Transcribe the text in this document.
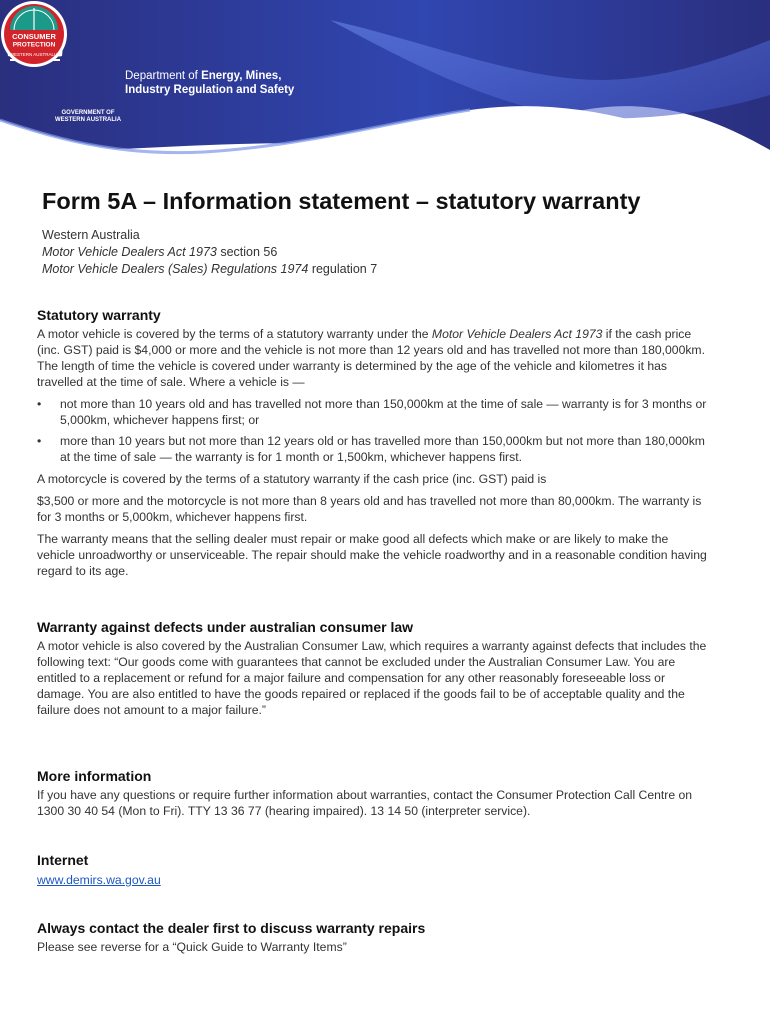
GOVERNMENT OF
WESTERN AUSTRALIA
Department of Energy, Mines,
Industry Regulation and Safety
CONSUMER
PROTECTION
WESTERN AUSTRALIA
Form 5A – Information statement – statutory warranty
Western Australia
Motor Vehicle Dealers Act 1973 section 56
Motor Vehicle Dealers (Sales) Regulations 1974 regulation 7
Statutory warranty

A motor vehicle is covered by the terms of a statutory warranty under the Motor Vehicle Dealers Act 1973 if the cash price (inc. GST) paid is $4,000 or more and the vehicle is not more than 12 years old and has travelled not more than 180,000km. The length of time the vehicle is covered under warranty is determined by the age of the vehicle and kilometres it has travelled at the time of sale. Where a vehicle is —

• not more than 10 years old and has travelled not more than 150,000km at the time of sale — warranty is for 3 months or 5,000km, whichever happens first; or
• more than 10 years but not more than 12 years old or has travelled more than 150,000km but not more than 180,000km at the time of sale — the warranty is for 1 month or 1,500km, whichever happens first.

A motorcycle is covered by the terms of a statutory warranty if the cash price (inc. GST) paid is

$3,500 or more and the motorcycle is not more than 8 years old and has travelled not more than 80,000km. The warranty is for 3 months or 5,000km, whichever happens first.

The warranty means that the selling dealer must repair or make good all defects which make or are likely to make the vehicle unroadworthy or unserviceable. The repair should make the vehicle roadworthy and in a reasonable condition having regard to its age.

Warranty against defects under australian consumer law

A motor vehicle is also covered by the Australian Consumer Law, which requires a warranty against defects that includes the following text: “Our goods come with guarantees that cannot be excluded under the Australian Consumer Law. You are entitled to a replacement or refund for a major failure and compensation for any other reasonably foreseeable loss or damage. You are also entitled to have the goods repaired or replaced if the goods fail to be of acceptable quality and the failure does not amount to a major failure.”

More information

If you have any questions or require further information about warranties, contact the Consumer Protection Call Centre on 1300 30 40 54 (Mon to Fri). TTY 13 36 77 (hearing impaired). 13 14 50 (interpreter service).

Internet
www.demirs.wa.gov.au
Always contact the dealer first to discuss warranty repairs

Please see reverse for a “Quick Guide to Warranty Items”
